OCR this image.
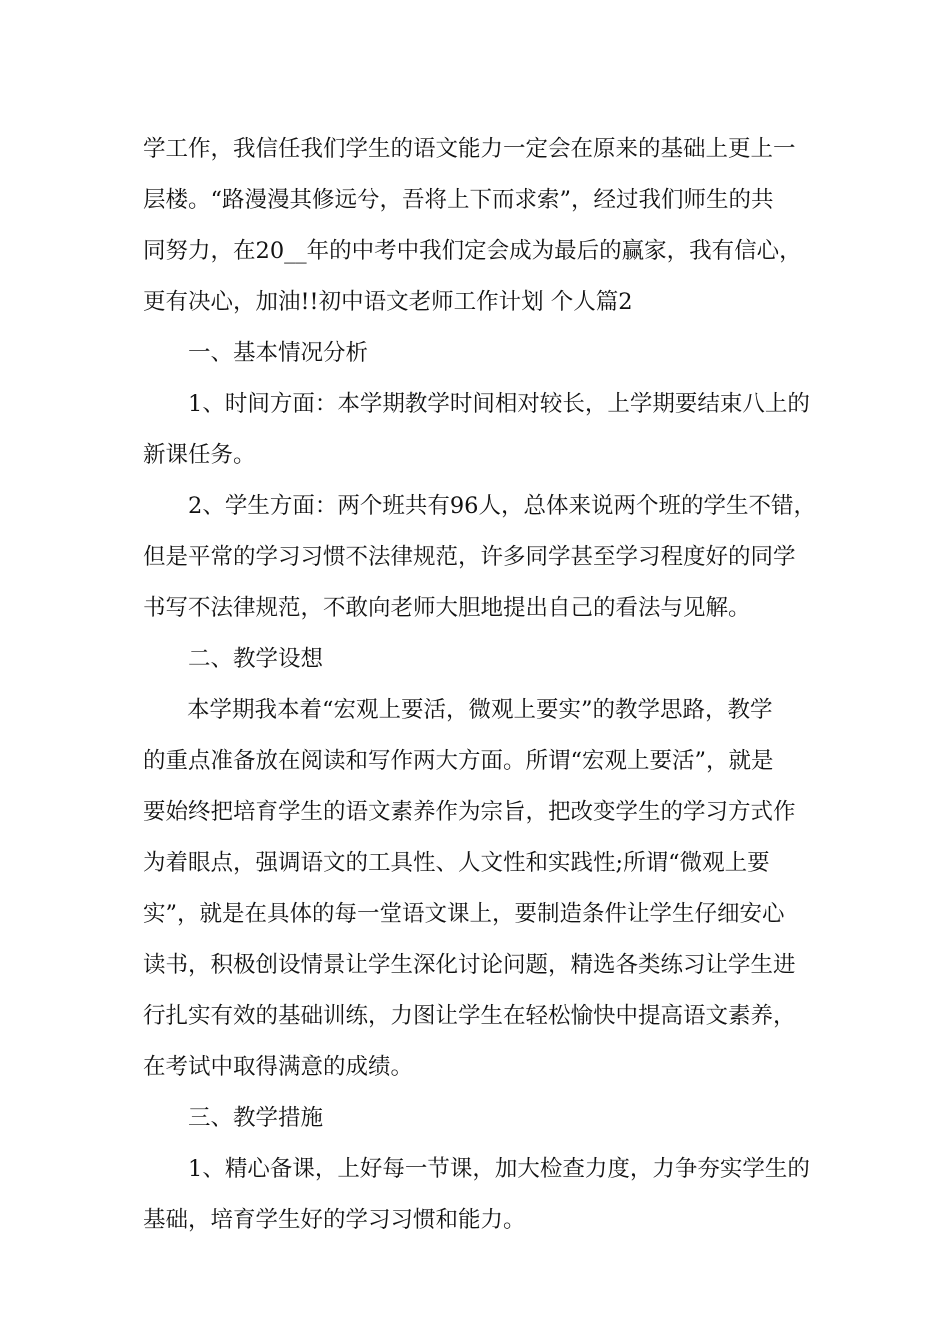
学工作，我信任我们学生的语文能力一定会在原来的基础上更上一
层楼。“路漫漫其修远兮，吾将上下而求索”，经过我们师生的共
同努力，在20__年的中考中我们定会成为最后的赢家，我有信心，
更有决心，加油!!初中语文老师工作计划 个人篇2
一、基本情况分析
1、时间方面：本学期教学时间相对较长，上学期要结束八上的
新课任务。
2、学生方面：两个班共有96人，总体来说两个班的学生不错，
但是平常的学习习惯不法律规范，许多同学甚至学习程度好的同学
书写不法律规范，不敢向老师大胆地提出自己的看法与见解。
二、教学设想
本学期我本着“宏观上要活，微观上要实”的教学思路，教学
的重点准备放在阅读和写作两大方面。所谓“宏观上要活”，就是
要始终把培育学生的语文素养作为宗旨，把改变学生的学习方式作
为着眼点，强调语文的工具性、人文性和实践性;所谓“微观上要
实”，就是在具体的每一堂语文课上，要制造条件让学生仔细安心
读书，积极创设情景让学生深化讨论问题，精选各类练习让学生进
行扎实有效的基础训练，力图让学生在轻松愉快中提高语文素养，
在考试中取得满意的成绩。
三、教学措施
1、精心备课，上好每一节课，加大检查力度，力争夯实学生的
基础，培育学生好的学习习惯和能力。
